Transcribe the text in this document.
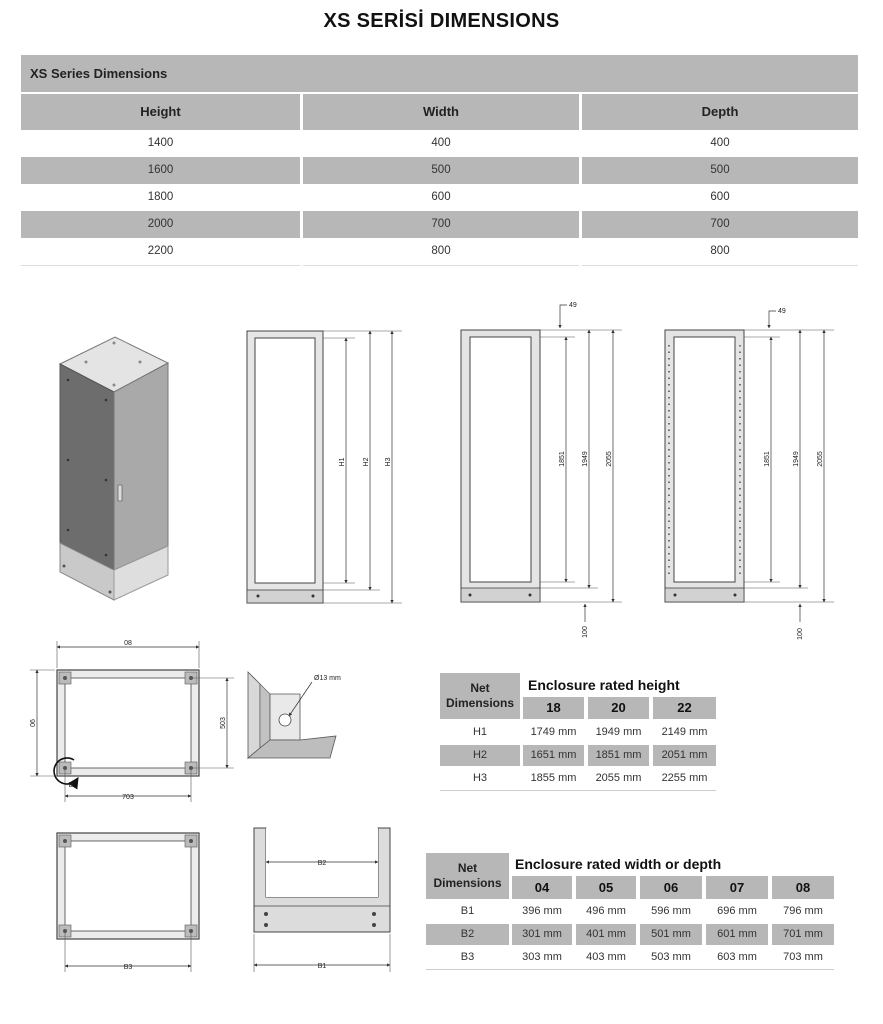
XS SERİSİ DIMENSIONS
XS Series Dimensions
Height	Width	Depth
1400	400	400
1600	500	500
1800	600	600
2000	700	700
2200	800	800
H1 H2 H3
49
1851 1949 2055
100
49
1851	1949 2055
100
08
06	503
703
B
Ø13 mm
B3
B2
B1
Net
Dimensions
Enclosure rated height
18	20	22
H1	1749 mm	1949 mm	2149 mm
H2	1651 mm	1851 mm	2051 mm
H3	1855 mm	2055 mm	2255 mm
Net
Dimensions
Enclosure rated width or depth
04	05	06	07	08
B1	396 mm	496 mm	596 mm	696 mm	796 mm
B2	301 mm	401 mm	501 mm	601 mm	701 mm
B3	303 mm	403 mm	503 mm	603 mm	703 mm
